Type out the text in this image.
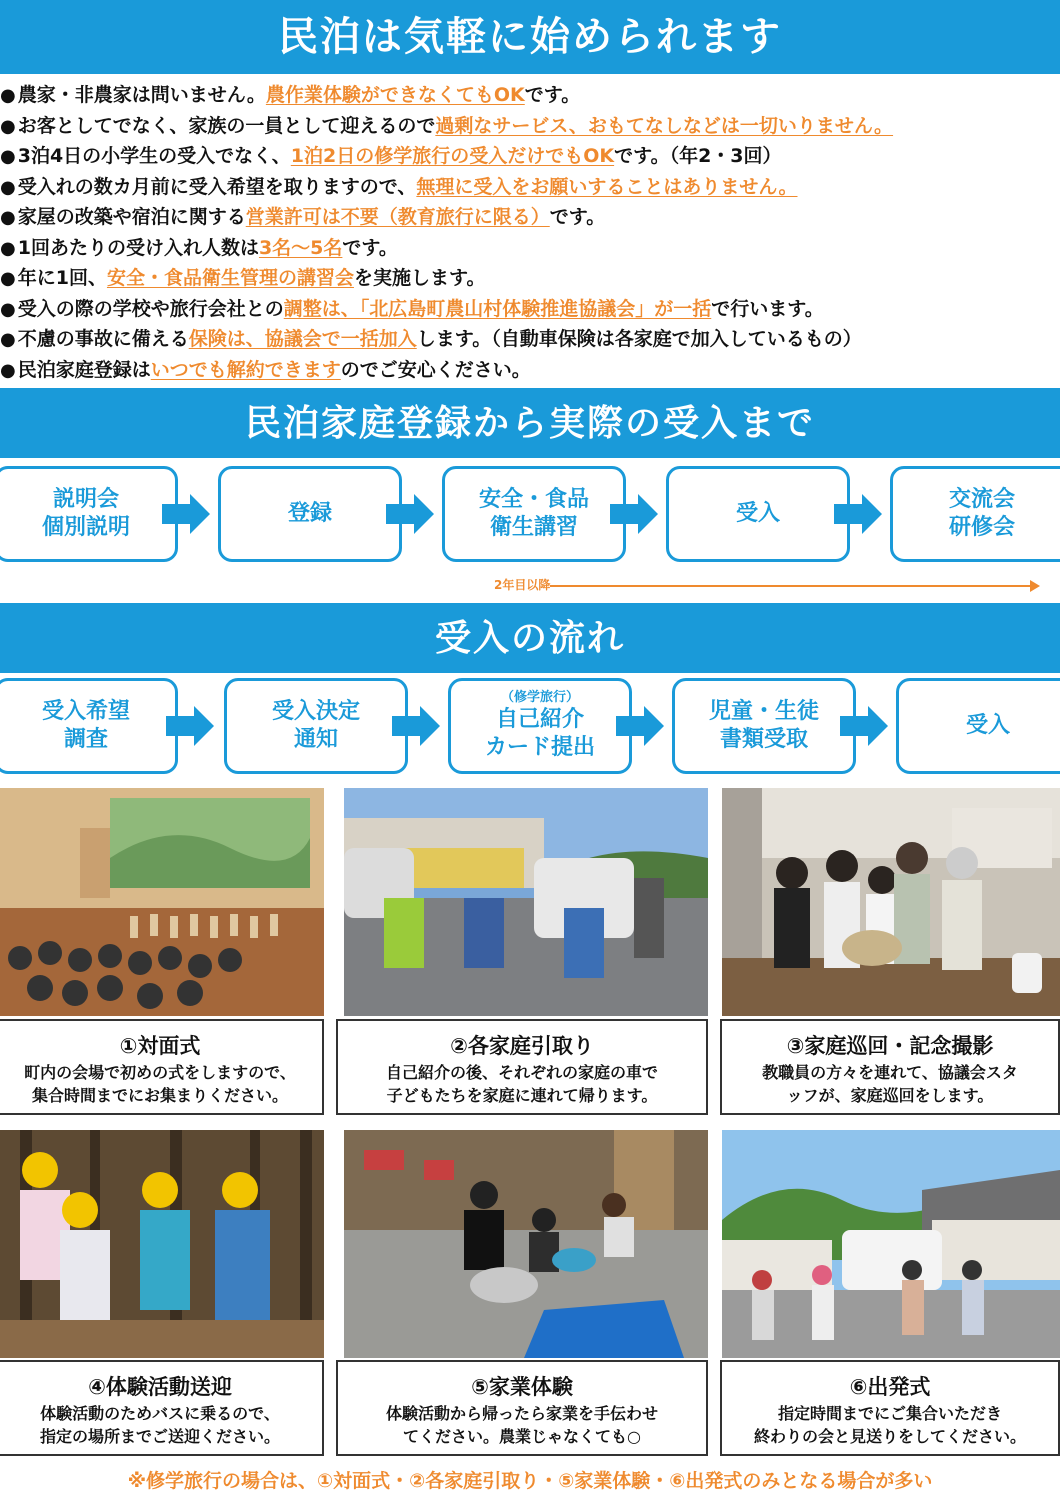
民泊は気軽に始められます
● 農家・非農家は問いません。農作業体験ができなくてもOKです。
● お客としてでなく、家族の一員として迎えるので過剰なサービス、おもてなしなどは一切いりません。
● 3泊4日の小学生の受入でなく、1泊2日の修学旅行の受入だけでもOKです。（年2・3回）
● 受入れの数カ月前に受入希望を取りますので、無理に受入をお願いすることはありません。
● 家屋の改築や宿泊に関する営業許可は不要（教育旅行に限る）です。
● 1回あたりの受け入れ人数は3名～5名です。
● 年に1回、安全・食品衛生管理の講習会を実施します。
● 受入の際の学校や旅行会社との調整は、「北広島町農山村体験推進協議会」が一括で行います。
● 不慮の事故に備える保険は、協議会で一括加入します。（自動車保険は各家庭で加入しているもの）
● 民泊家庭登録はいつでも解約できますのでご安心ください。
民泊家庭登録から実際の受入まで
説明会
個別説明
登録
安全・食品
衛生講習
受入
交流会
研修会
2年目以降
受入の流れ
受入希望
調査
受入決定
通知
（修学旅行）
自己紹介
カード提出
児童・生徒
書類受取
受入
①対面式
町内の会場で初めの式をしますので、
集合時間までにお集まりください。
②各家庭引取り
自己紹介の後、それぞれの家庭の車で
子どもたちを家庭に連れて帰ります。
③家庭巡回・記念撮影
教職員の方々を連れて、協議会スタ
ッフが、家庭巡回をします。
④体験活動送迎
体験活動のためバスに乗るので、
指定の場所までご送迎ください。
⑤家業体験
体験活動から帰ったら家業を手伝わせ
てください。農業じゃなくても○
⑥出発式
指定時間までにご集合いただき
終わりの会と見送りをしてください。
※修学旅行の場合は、①対面式・②各家庭引取り・⑤家業体験・⑥出発式のみとなる場合が多い
